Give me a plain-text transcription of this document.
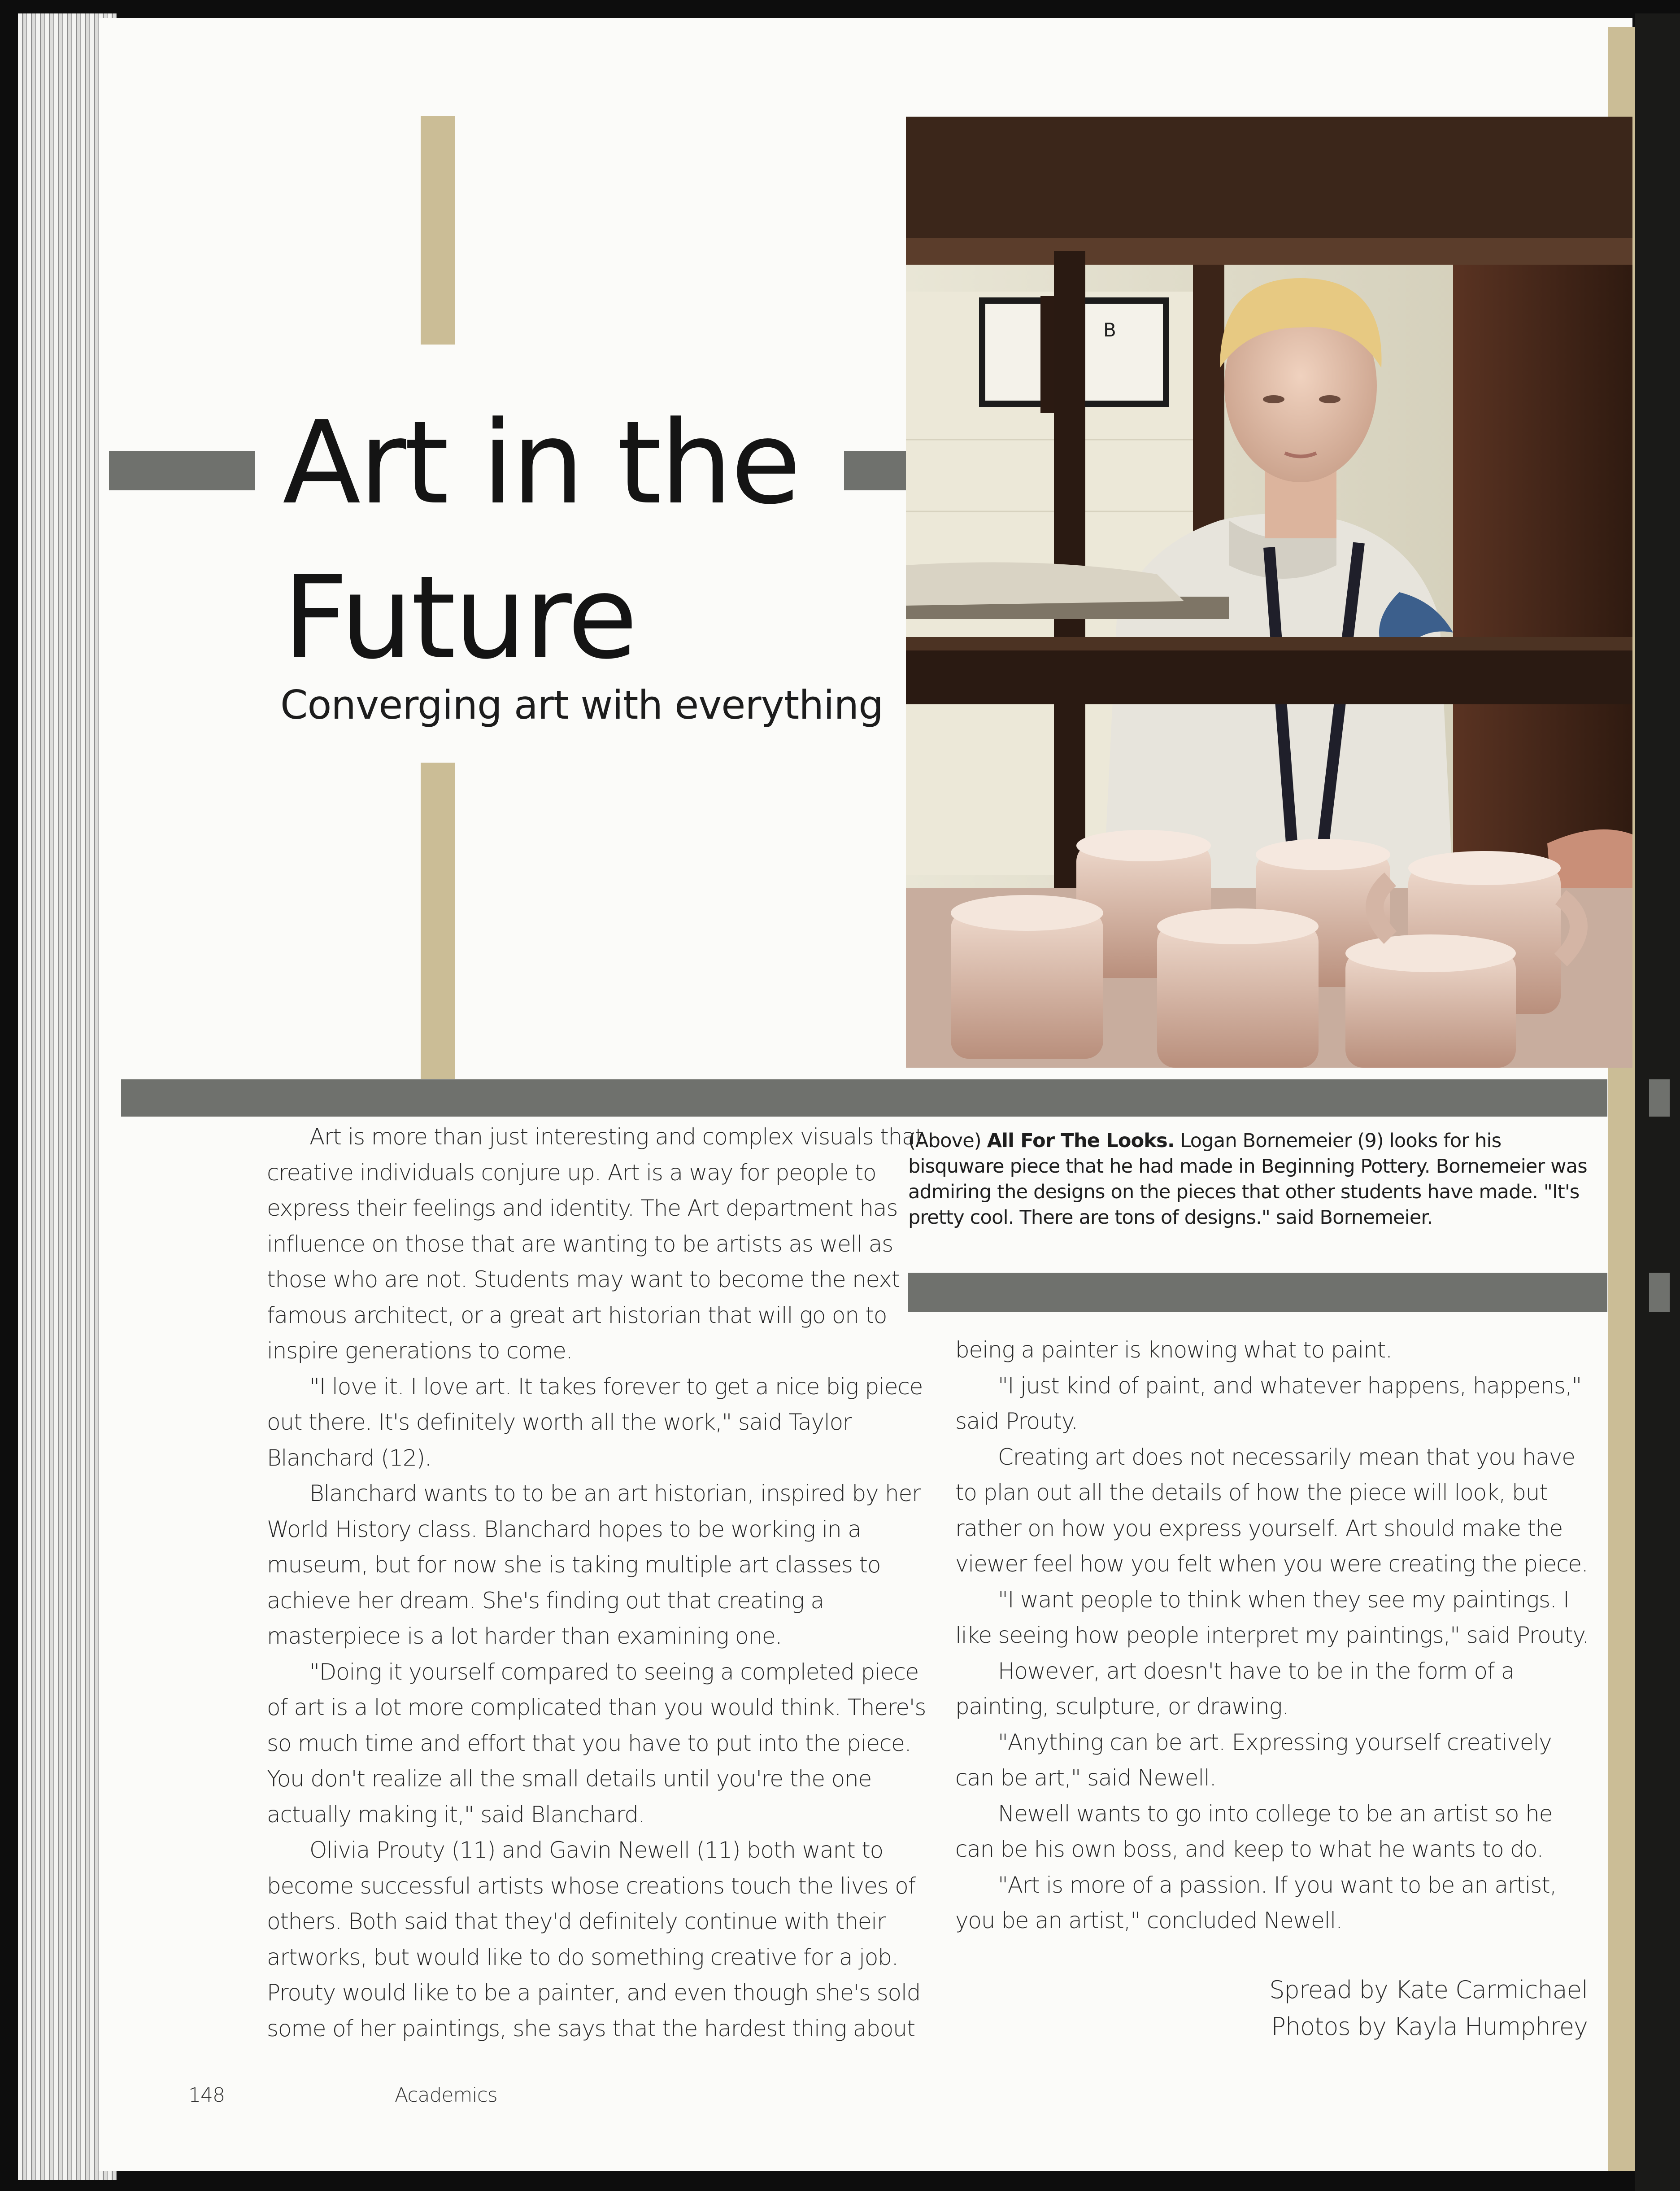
Art in the
Future
Converging art with everything
B
(Above) All For The Looks. Logan Bornemeier (9) looks for his bisquware piece that he had made in Beginning Pottery. Bornemeier was admiring the designs on the pieces that other students have made. "It's pretty cool. There are tons of designs." said Bornemeier.

Art is more than just interesting and complex visuals that creative individuals conjure up. Art is a way for people to express their feelings and identity. The Art department has influence on those that are wanting to be artists as well as those who are not. Students may want to become the next famous architect, or a great art historian that will go on to inspire generations to come.

"I love it. I love art. It takes forever to get a nice big piece out there. It's definitely worth all the work," said Taylor Blanchard (12).

Blanchard wants to to be an art historian, inspired by her World History class. Blanchard hopes to be working in a museum, but for now she is taking multiple art classes to achieve her dream. She's finding out that creating a masterpiece is a lot harder than examining one.

"Doing it yourself compared to seeing a completed piece of art is a lot more complicated than you would think. There's so much time and effort that you have to put into the piece. You don't realize all the small details until you're the one actually making it," said Blanchard.

Olivia Prouty (11) and Gavin Newell (11) both want to become successful artists whose creations touch the lives of others. Both said that they'd definitely continue with their artworks, but would like to do something creative for a job. Prouty would like to be a painter, and even though she's sold some of her paintings, she says that the hardest thing about

being a painter is knowing what to paint.

"I just kind of paint, and whatever happens, happens," said Prouty.

Creating art does not necessarily mean that you have to plan out all the details of how the piece will look, but rather on how you express yourself. Art should make the viewer feel how you felt when you were creating the piece.

"I want people to think when they see my paintings. I like seeing how people interpret my paintings," said Prouty.

However, art doesn't have to be in the form of a painting, sculpture, or drawing.

"Anything can be art. Expressing yourself creatively can be art," said Newell.

Newell wants to go into college to be an artist so he can be his own boss, and keep to what he wants to do.

"Art is more of a passion. If you want to be an artist, you be an artist," concluded Newell.

Spread by Kate Carmichael
Photos by Kayla Humphrey
148	Academics
